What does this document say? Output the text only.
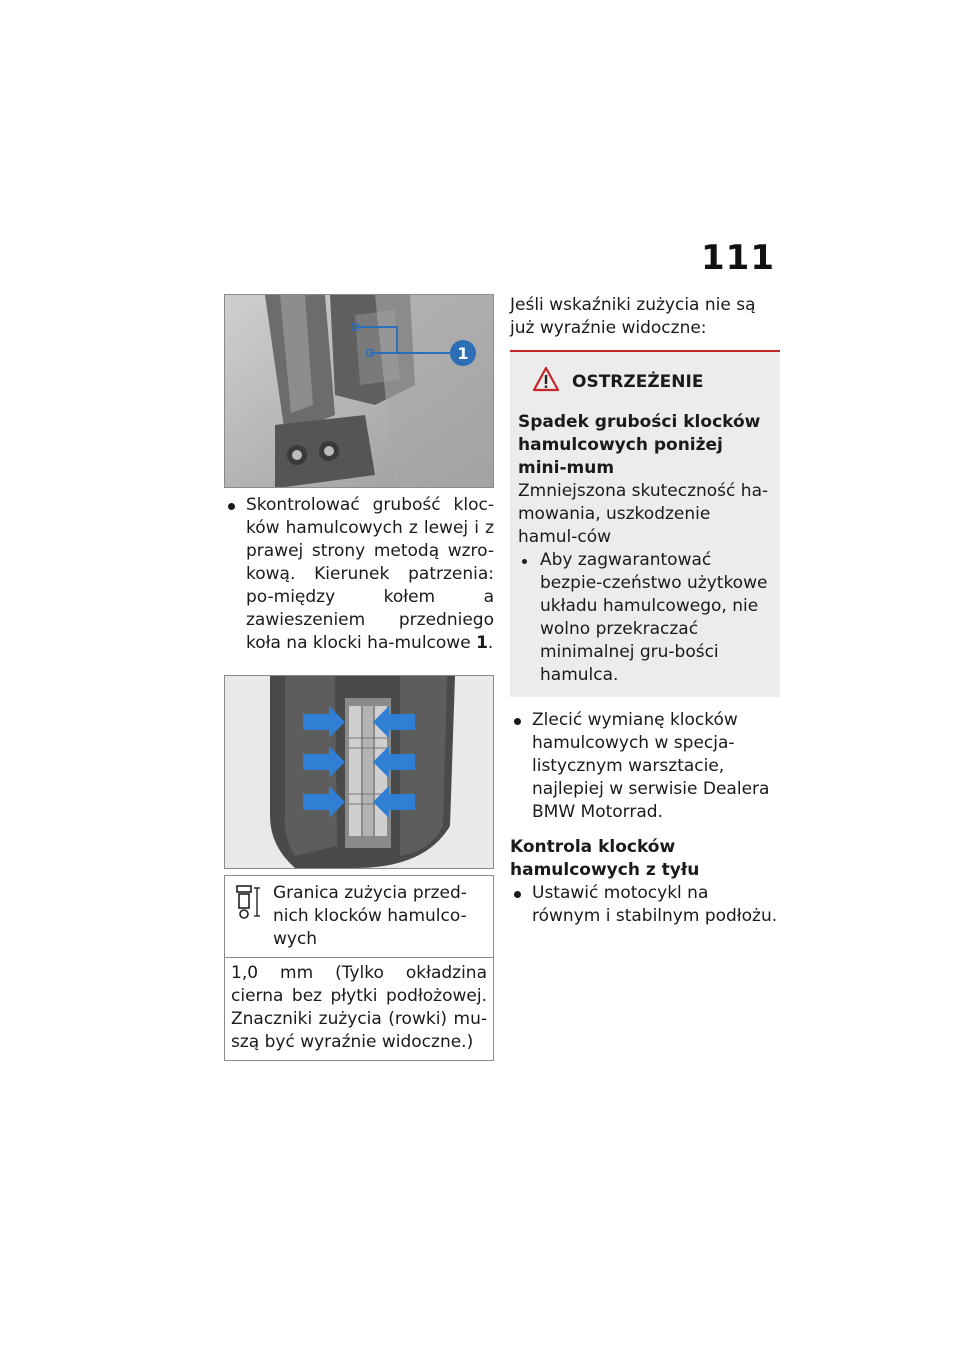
111
1
Skontrolować grubość kloc-ków hamulcowych z lewej i z prawej strony metodą wzro-kową. Kierunek patrzenia: po-między kołem a zawieszeniem przedniego koła na klocki ha-mulcowe 1.
Granica zużycia przed-nich klocków hamulco-wych
1,0 mm (Tylko okładzina cierna bez płytki podłożowej. Znaczniki zużycia (rowki) mu-szą być wyraźnie widoczne.)

Jeśli wskaźniki zużycia nie są już wyraźnie widoczne:

OSTRZEŻENIE

Spadek grubości klocków hamulcowych poniżej mini-mum

Zmniejszona skuteczność ha-mowania, uszkodzenie hamul-ców

Aby zagwarantować bezpie-czeństwo użytkowe układu hamulcowego, nie wolno przekraczać minimalnej gru-bości hamulca.
Zlecić wymianę klocków hamulcowych w specja-listycznym warsztacie, najlepiej w serwisie Dealera BMW Motorrad.

Kontrola klocków hamulcowych z tyłu

Ustawić motocykl na równym i stabilnym podłożu.
